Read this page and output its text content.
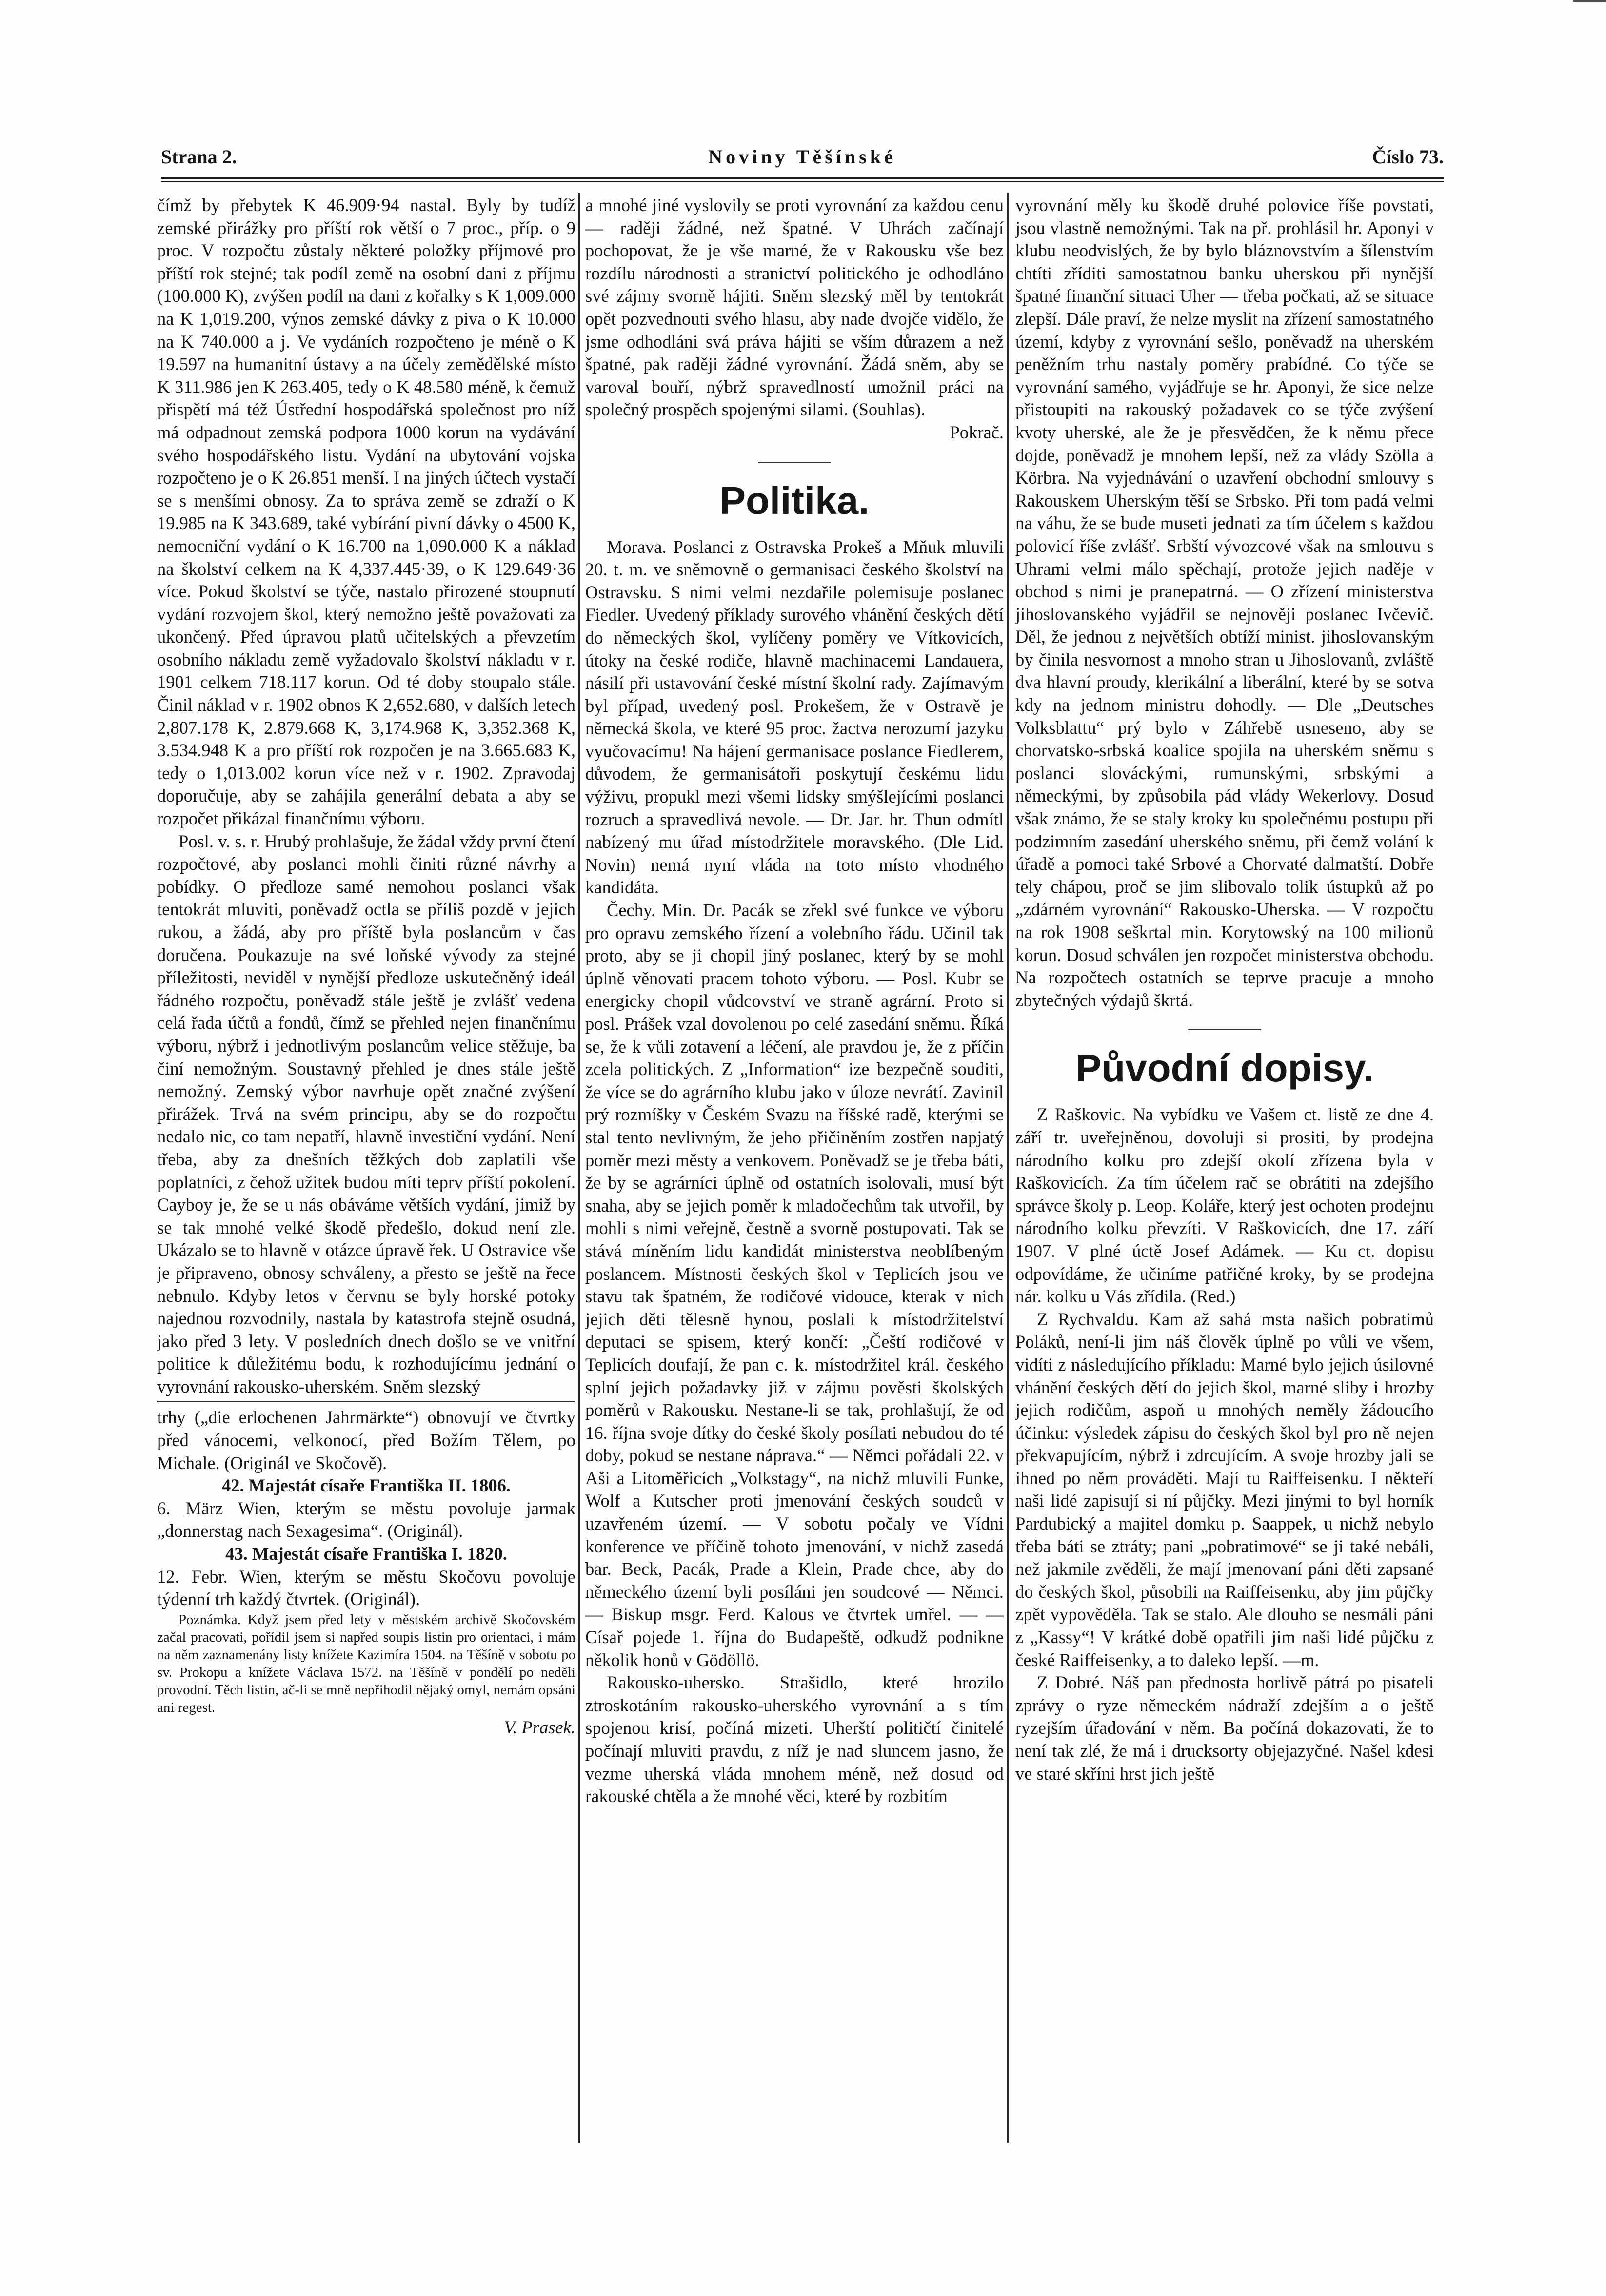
Strana 2.	Noviny Těšínské	Číslo 73.

čímž by přebytek K 46.909·94 nastal. Byly by tudíž zemské přirážky pro příští rok větší o 7 proc., příp. o 9 proc. V rozpočtu zůstaly některé položky příjmové pro příští rok stejné; tak podíl země na osobní dani z příjmu (100.000 K), zvýšen podíl na dani z kořalky s K 1,009.000 na K 1,019.200, výnos zemské dávky z piva o K 10.000 na K 740.000 a j. Ve vydáních rozpočteno je méně o K 19.597 na humanitní ústavy a na účely zemědělské místo K 311.986 jen K 263.405, tedy o K 48.580 méně, k čemuž přispětí má též Ústřední hospodářská společnost pro níž má odpadnout zemská podpora 1000 korun na vydávání svého hospodářského listu. Vydání na ubytování vojska rozpočteno je o K 26.851 menší. I na jiných účtech vystačí se s menšími obnosy. Za to správa země se zdraží o K 19.985 na K 343.689, také vybírání pivní dávky o 4500 K, nemocniční vydání o K 16.700 na 1,090.000 K a náklad na školství celkem na K 4,337.445·39, o K 129.649·36 více. Pokud školství se týče, nastalo přirozené stoupnutí vydání rozvojem škol, který nemožno ještě považovati za ukončený. Před úpravou platů učitelských a převzetím osobního nákladu země vyžadovalo školství nákladu v r. 1901 celkem 718.117 korun. Od té doby stoupalo stále. Činil náklad v r. 1902 obnos K 2,652.680, v dalších letech 2,807.178 K, 2.879.668 K, 3,174.968 K, 3,352.368 K, 3.534.948 K a pro příští rok rozpočen je na 3.665.683 K, tedy o 1,013.002 korun více než v r. 1902. Zpravodaj doporučuje, aby se zahájila generální debata a aby se rozpočet přikázal finančnímu výboru.

Posl. v. s. r. Hrubý prohlašuje, že žádal vždy první čtení rozpočtové, aby poslanci mohli činiti různé návrhy a pobídky. O předloze samé nemohou poslanci však tentokrát mluviti, poněvadž octla se příliš pozdě v jejich rukou, a žádá, aby pro příště byla poslancům v čas doručena. Poukazuje na své loňské vývody za stejné příležitosti, neviděl v nynější předloze uskutečněný ideál řádného rozpočtu, poněvadž stále ještě je zvlášť vedena celá řada účtů a fondů, čímž se přehled nejen finančnímu výboru, nýbrž i jednotlivým poslancům velice stěžuje, ba činí nemožným. Soustavný přehled je dnes stále ještě nemožný. Zemský výbor navrhuje opět značné zvýšení přirážek. Trvá na svém principu, aby se do rozpočtu nedalo nic, co tam nepatří, hlavně investiční vydání. Není třeba, aby za dnešních těžkých dob zaplatili vše poplatníci, z čehož užitek budou míti teprv příští pokolení. Cayboy je, že se u nás obáváme větších vydání, jimiž by se tak mnohé velké škodě předešlo, dokud není zle. Ukázalo se to hlavně v otázce úpravě řek. U Ostravice vše je připraveno, obnosy schváleny, a přesto se ještě na řece nebnulo. Kdyby letos v červnu se byly horské potoky najednou rozvodnily, nastala by katastrofa stejně osudná, jako před 3 lety. V posledních dnech došlo se ve vnitřní politice k důležitému bodu, k rozhodujícímu jednání o vyrovnání rakousko-uherském. Sněm slezský

trhy („die erlochenen Jahrmärkte“) obnovují ve čtvrtky před vánocemi, velkonocí, před Božím Tělem, po Michale. (Originál ve Skočově).

42. Majestát císaře Františka II. 1806.

6. März Wien, kterým se městu povoluje jarmak „donnerstag nach Sexagesima“. (Originál).

43. Majestát císaře Františka I. 1820.

12. Febr. Wien, kterým se městu Skočovu povoluje týdenní trh každý čtvrtek. (Originál).

Poznámka. Když jsem před lety v městském archivě Skočovském začal pracovati, pořídil jsem si napřed soupis listin pro orientaci, i mám na něm zaznamenány listy knížete Kazimíra 1504. na Těšíně v sobotu po sv. Prokopu a knížete Václava 1572. na Těšíně v pondělí po neděli provodní. Těch listin, ač-li se mně nepřihodil nějaký omyl, nemám opsáni ani regest.

V. Prasek.

a mnohé jiné vyslovily se proti vyrovnání za každou cenu — raději žádné, než špatné. V Uhrách začínají pochopovat, že je vše marné, že v Rakousku vše bez rozdílu národnosti a stranictví politického je odhodláno své zájmy svorně hájiti. Sněm slezský měl by tentokrát opět pozvednouti svého hlasu, aby nade dvojče vidělo, že jsme odhodláni svá práva hájiti se vším důrazem a než špatné, pak raději žádné vyrovnání. Žádá sněm, aby se varoval bouří, nýbrž spravedlností umožnil práci na společný prospěch spojenými silami. (Souhlas).

Pokrač.

Politika.

Morava. Poslanci z Ostravska Prokeš a Mňuk mluvili 20. t. m. ve sněmovně o germanisaci českého školství na Ostravsku. S nimi velmi nezdařile polemisuje poslanec Fiedler. Uvedený příklady surového vhánění českých dětí do německých škol, vylíčeny poměry ve Vítkovicích, útoky na české rodiče, hlavně machinacemi Landauera, násilí při ustavování české místní školní rady. Zajímavým byl případ, uvedený posl. Prokešem, že v Ostravě je německá škola, ve které 95 proc. žactva nerozumí jazyku vyučovacímu! Na hájení germanisace poslance Fiedlerem, důvodem, že germanisátoři poskytují českému lidu výživu, propukl mezi všemi lidsky smýšlejícími poslanci rozruch a spravedlivá nevole. — Dr. Jar. hr. Thun odmítl nabízený mu úřad místodržitele moravského. (Dle Lid. Novin) nemá nyní vláda na toto místo vhodného kandidáta.

Čechy. Min. Dr. Pacák se zřekl své funkce ve výboru pro opravu zemského řízení a volebního řádu. Učinil tak proto, aby se ji chopil jiný poslanec, který by se mohl úplně věnovati pracem tohoto výboru. — Posl. Kubr se energicky chopil vůdcovství ve straně agrární. Proto si posl. Prášek vzal dovolenou po celé zasedání sněmu. Říká se, že k vůli zotavení a léčení, ale pravdou je, že z příčin zcela politických. Z „Information“ ize bezpečně souditi, že více se do agrárního klubu jako v úloze nevrátí. Zavinil prý rozmíšky v Českém Svazu na říšské radě, kterými se stal tento nevlivným, že jeho přičiněním zostřen napjatý poměr mezi městy a venkovem. Poněvadž se je třeba báti, že by se agrárníci úplně od ostatních isolovali, musí být snaha, aby se jejich poměr k mladočechům tak utvořil, by mohli s nimi veřejně, čestně a svorně postupovati. Tak se stává míněním lidu kandidát ministerstva neoblíbeným poslancem. Místnosti českých škol v Teplicích jsou ve stavu tak špatném, že rodičové vidouce, kterak v nich jejich děti tělesně hynou, poslali k místodržitelství deputaci se spisem, který končí: „Čeští rodičové v Teplicích doufají, že pan c. k. místodržitel král. českého splní jejich požadavky již v zájmu pověsti školských poměrů v Rakousku. Nestane-li se tak, prohlašují, že od 16. října svoje dítky do české školy posílati nebudou do té doby, pokud se nestane náprava.“ — Němci pořádali 22. v Aši a Litoměřicích „Volkstagy“, na nichž mluvili Funke, Wolf a Kutscher proti jmenování českých soudců v uzavřeném území. — V sobotu počaly ve Vídni konference ve příčině tohoto jmenování, v nichž zasedá bar. Beck, Pacák, Prade a Klein, Prade chce, aby do německého území byli posíláni jen soudcové — Němci. — Biskup msgr. Ferd. Kalous ve čtvrtek umřel. — — Císař pojede 1. října do Budapeště, odkudž podnikne několik honů v Gödöllö.

Rakousko-uhersko. Strašidlo, které hrozilo ztroskotáním rakousko-uherského vyrovnání a s tím spojenou krisí, počíná mizeti. Uherští političtí činitelé počínají mluviti pravdu, z níž je nad sluncem jasno, že vezme uherská vláda mnohem méně, než dosud od rakouské chtěla a že mnohé věci, které by rozbitím

vyrovnání měly ku škodě druhé polovice říše povstati, jsou vlastně nemožnými. Tak na př. prohlásil hr. Aponyi v klubu neodvislých, že by bylo bláznovstvím a šílenstvím chtíti zříditi samostatnou banku uherskou při nynější špatné finanční situaci Uher — třeba počkati, až se situace zlepší. Dále praví, že nelze myslit na zřízení samostatného území, kdyby z vyrovnání sešlo, poněvadž na uherském peněžním trhu nastaly poměry prabídné. Co týče se vyrovnání samého, vyjádřuje se hr. Aponyi, že sice nelze přistoupiti na rakouský požadavek co se týče zvýšení kvoty uherské, ale že je přesvědčen, že k němu přece dojde, poněvadž je mnohem lepší, než za vlády Szölla a Körbra. Na vyjednávání o uzavření obchodní smlouvy s Rakouskem Uherským těší se Srbsko. Při tom padá velmi na váhu, že se bude museti jednati za tím účelem s každou polovicí říše zvlášť. Srbští vývozcové však na smlouvu s Uhrami velmi málo spěchají, protože jejich naděje v obchod s nimi je pranepatrná. — O zřízení ministerstva jihoslovanského vyjádřil se nejnověji poslanec Ivčevič. Děl, že jednou z největších obtíží minist. jihoslovanským by činila nesvornost a mnoho stran u Jihoslovanů, zvláště dva hlavní proudy, klerikální a liberální, které by se sotva kdy na jednom ministru dohodly. — Dle „Deutsches Volksblattu“ prý bylo v Záhřebě usneseno, aby se chorvatsko-srbská koalice spojila na uherském sněmu s poslanci slováckými, rumunskými, srbskými a německými, by způsobila pád vlády Wekerlovy. Dosud však známo, že se staly kroky ku společnému postupu při podzimním zasedání uherského sněmu, při čemž volání k úřadě a pomoci také Srbové a Chorvaté dalmatští. Dobře tely chápou, proč se jim slibovalo tolik ústupků až po „zdárném vyrovnání“ Rakousko-Uherska. — V rozpočtu na rok 1908 seškrtal min. Korytowský na 100 milionů korun. Dosud schválen jen rozpočet ministerstva obchodu. Na rozpočtech ostatních se teprve pracuje a mnoho zbytečných výdajů škrtá.

Původní dopisy.

Z Raškovic. Na vybídku ve Vašem ct. listě ze dne 4. září tr. uveřejněnou, dovoluji si prositi, by prodejna národního kolku pro zdejší okolí zřízena byla v Raškovicích. Za tím účelem rač se obrátiti na zdejšího správce školy p. Leop. Koláře, který jest ochoten prodejnu národního kolku převzíti. V Raškovicích, dne 17. září 1907. V plné úctě Josef Adámek. — Ku ct. dopisu odpovídáme, že učiníme patřičné kroky, by se prodejna nár. kolku u Vás zřídila. (Red.)

Z Rychvaldu. Kam až sahá msta našich pobratimů Poláků, není-li jim náš člověk úplně po vůli ve všem, vidíti z následujícího příkladu: Marné bylo jejich úsilovné vhánění českých dětí do jejich škol, marné sliby i hrozby jejich rodičům, aspoň u mnohých neměly žádoucího účinku: výsledek zápisu do českých škol byl pro ně nejen překvapujícím, nýbrž i zdrcujícím. A svoje hrozby jali se ihned po něm prováděti. Mají tu Raiffeisenku. I někteří naši lidé zapisují si ní půjčky. Mezi jinými to byl horník Pardubický a majitel domku p. Saappek, u nichž nebylo třeba báti se ztráty; pani „pobratimové“ se ji také nebáli, než jakmile zvěděli, že mají jmenovaní páni děti zapsané do českých škol, působili na Raiffeisenku, aby jim půjčky zpět vypověděla. Tak se stalo. Ale dlouho se nesmáli páni z „Kassy“! V krátké době opatřili jim naši lidé půjčku z české Raiffeisenky, a to daleko lepší. —m.

Z Dobré. Náš pan přednosta horlivě pátrá po pisateli zprávy o ryze německém nádraží zdejším a o ještě ryzejším úřadování v něm. Ba počíná dokazovati, že to není tak zlé, že má i drucksorty objejazyčné. Našel kdesi ve staré skříni hrst jich ještě
